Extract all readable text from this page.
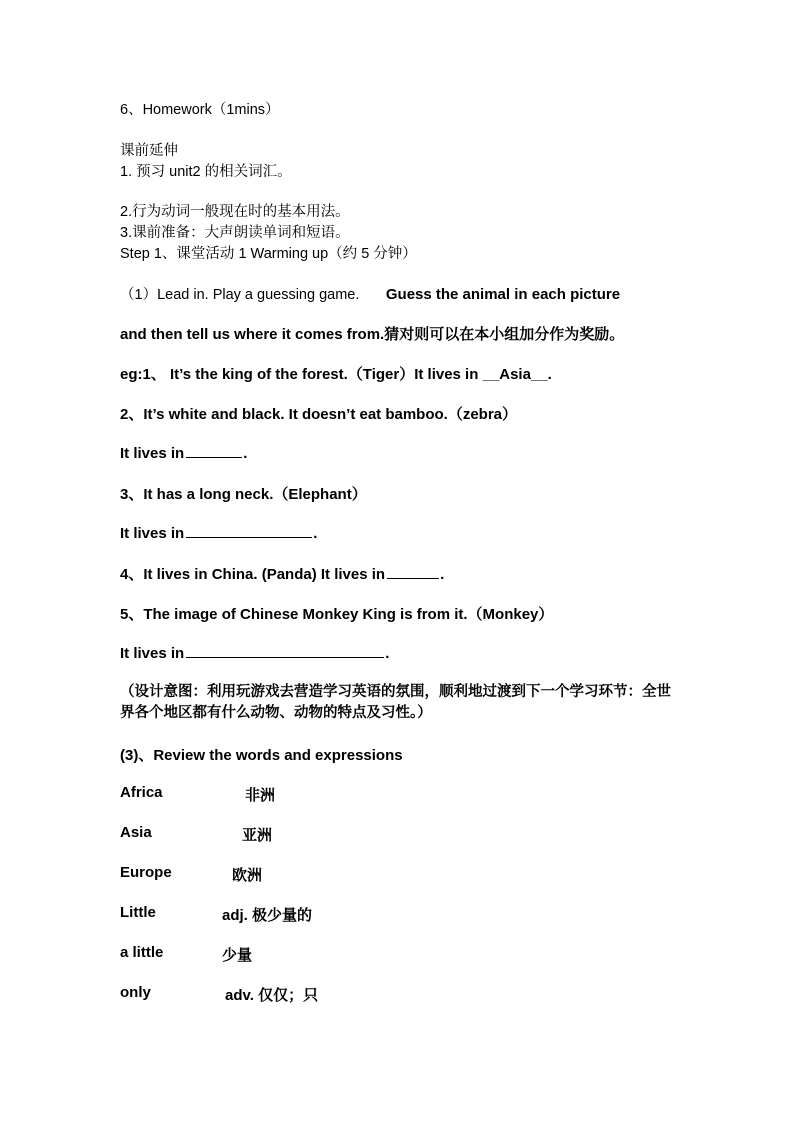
6、Homework（1mins）
课前延伸
1. 预习 unit2 的相关词汇。
2.行为动词一般现在时的基本用法。
3.课前准备：大声朗读单词和短语。
Step 1、课堂活动 1 Warming up（约 5 分钟）
（1）Lead in. Play a guessing game. Guess the animal in each picture
and then tell us where it comes from.猜对则可以在本小组加分作为奖励。
eg:1、 It’s the king of the forest.（Tiger）It lives in __Asia__.
2、It’s white and black. It doesn’t eat bamboo.（zebra）
It lives in	.
3、It has a long neck.（Elephant）
It lives in	.
4、It lives in China. (Panda) It lives in	.
5、The image of Chinese Monkey King is from it.（Monkey）
It lives in	.
（设计意图：利用玩游戏去营造学习英语的氛围，顺利地过渡到下一个学习环节：全世界各个地区都有什么动物、动物的特点及习性。）
(3)、Review the words and expressions
Africa	非洲
Asia	亚洲
Europe	欧洲
Little	adj. 极少量的
a little	少量
only	adv. 仅仅；只
